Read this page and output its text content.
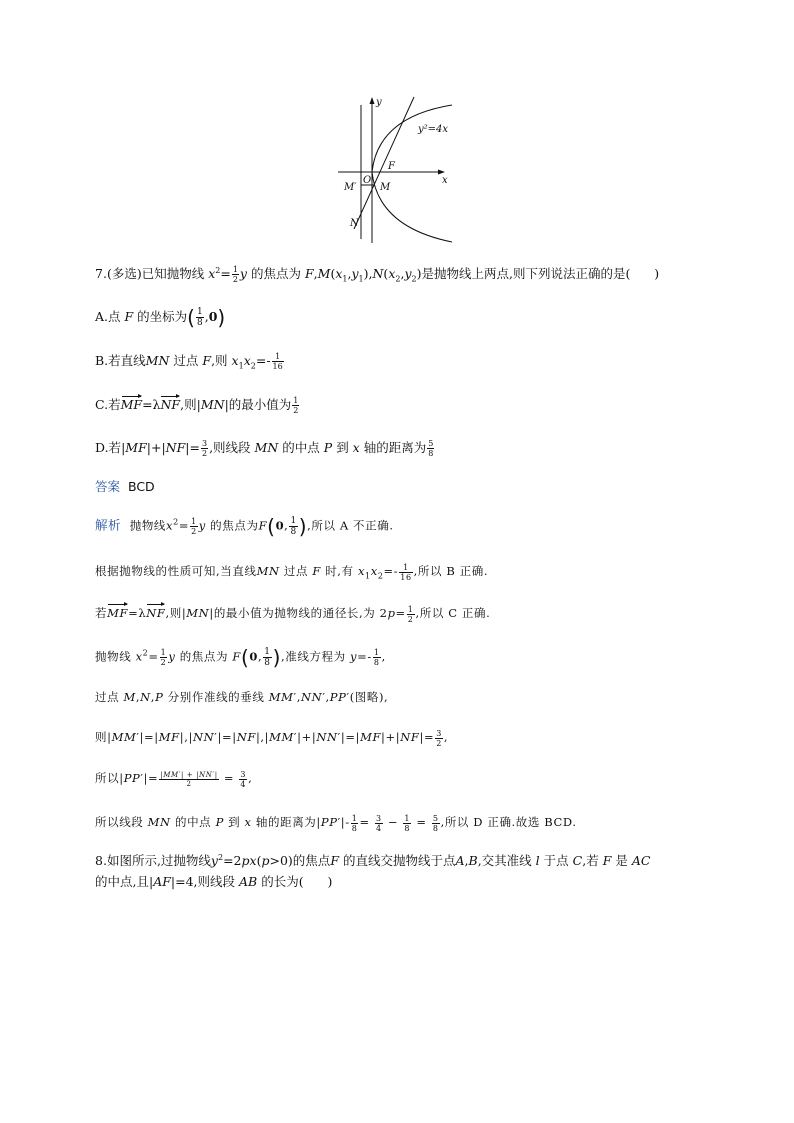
y
x
y²=4x
O
F
M
M′
N
7.(多选)已知抛物线 $x^2= \frac{1}{2}$ y 的焦点为 $F,M(x_1,y_1),N(x_2,y_2)$是抛物线上两点,则下列说法正确的是( )
A.点 F 的坐标为( $\frac{1}{8} ,0$)
B.若直线MN 过点 F,则 $x_1x_2=- \frac{1}{16}$
C.若MF=λNF,则|MN|的最小值为 $\frac{1}{2}$
D.若$|MF|+|NF|= \frac{3}{2}$ ,则线段 MN 的中点 P 到 x 轴的距离为 $\frac{5}{8}$
答案 BCD
解析 抛物线$x^2= \frac{1}{2}$ y 的焦点为F(0, $\frac{1}{8}$ ),所以 A 不正确.
根据抛物线的性质可知,当直线MN 过点 F 时,有 $x_1x_2=- \frac{1}{16}$ ,所以 B 正确.
若MF=λNF,则|MN|的最小值为抛物线的通径长,为 $2p= \frac{1}{2}$ ,所以 C 正确.
抛物线 $x^2= \frac{1}{2}$ y 的焦点为 F(0, $\frac{1}{8}$ ),准线方程为 $y=- \frac{1}{8}$ ,
过点 M,N,P 分别作准线的垂线 MM′,NN′,PP′(图略),
则$|MM'|=|MF|,|NN'|=|NF|,|MM'|+|NN'|=|MF|+|NF|= \frac{3}{2}$ ,
所以$|PP'|= \frac{|MM'| + |NN'|}{2} = \frac{3}{4}$ ,
所以线段 MN 的中点 P 到 x 轴的距离为$|PP'|- \frac{1}{8} = \frac{3}{4} - \frac{1}{8} = \frac{5}{8}$ ,所以 D 正确.故选 BCD.
8.如图所示,过抛物线$y^2=2px(p>0)$的焦点F 的直线交抛物线于点A,B,交其准线 l 于点 C,若 F 是 AC
的中点,且|AF|=4,则线段 AB 的长为( )
